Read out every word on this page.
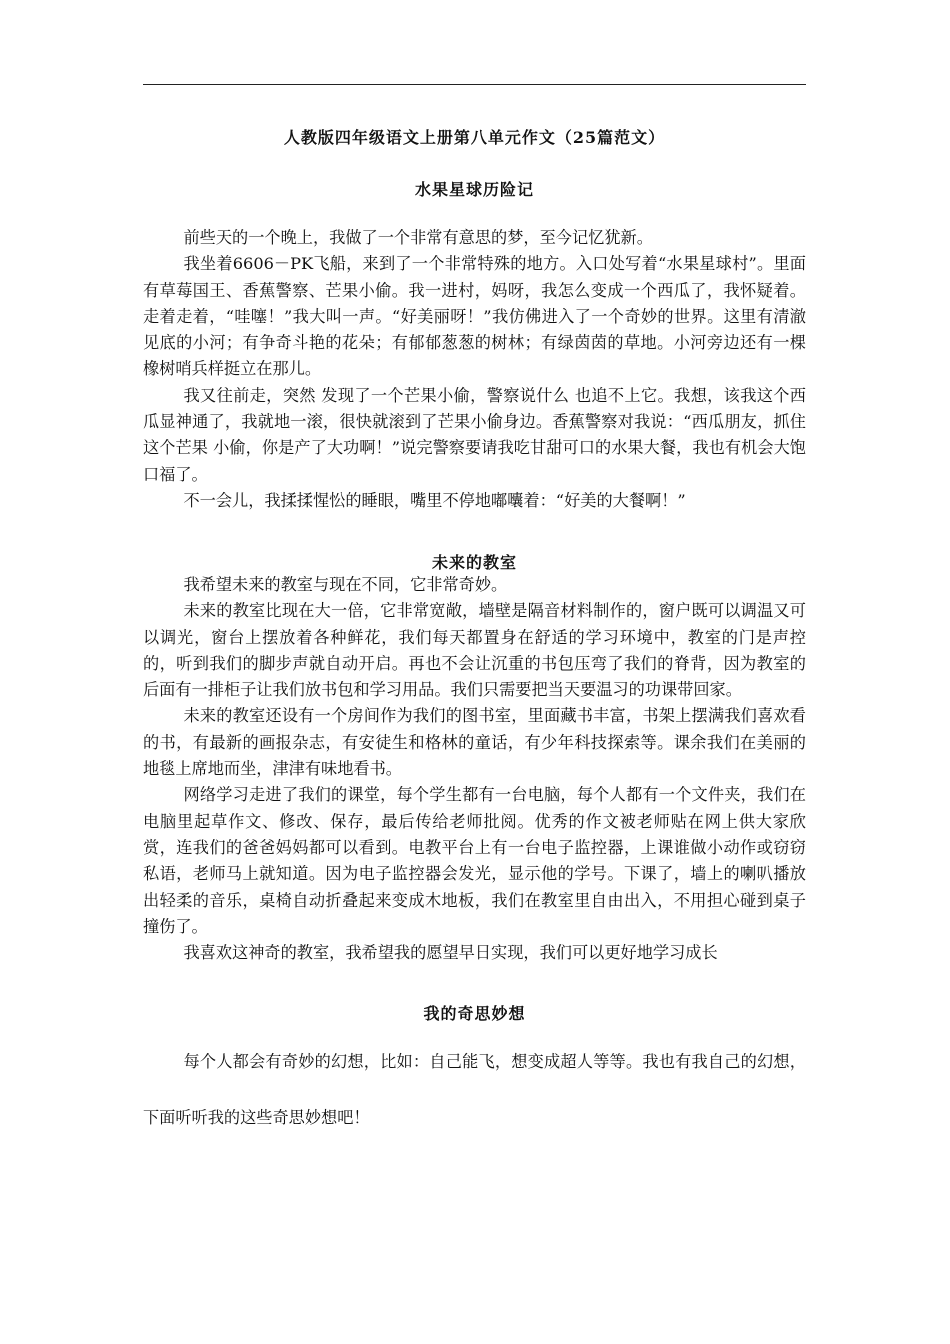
人教版四年级语文上册第八单元作文（25篇范文）
水果星球历险记

前些天的一个晚上，我做了一个非常有意思的梦，至今记忆犹新。

我坐着6606－PK飞船，来到了一个非常特殊的地方。入口处写着“水果星球村”。里面有草莓国王、香蕉警察、芒果小偷。我一进村，妈呀，我怎么变成一个西瓜了，我怀疑着。走着走着，“哇噻！”我大叫一声。“好美丽呀！”我仿佛进入了一个奇妙的世界。这里有清澈见底的小河；有争奇斗艳的花朵；有郁郁葱葱的树林；有绿茵茵的草地。小河旁边还有一棵橡树哨兵样挺立在那儿。

我又往前走，突然 发现了一个芒果小偷，警察说什么 也追不上它。我想，该我这个西瓜显神通了，我就地一滚，很快就滚到了芒果小偷身边。香蕉警察对我说：“西瓜朋友，抓住这个芒果 小偷，你是产了大功啊！”说完警察要请我吃甘甜可口的水果大餐，我也有机会大饱口福了。

不一会儿，我揉揉惺忪的睡眼，嘴里不停地嘟囔着：“好美的大餐啊！”

未来的教室

我希望未来的教室与现在不同，它非常奇妙。

未来的教室比现在大一倍，它非常宽敞，墙壁是隔音材料制作的，窗户既可以调温又可以调光，窗台上摆放着各种鲜花，我们每天都置身在舒适的学习环境中，教室的门是声控的，听到我们的脚步声就自动开启。再也不会让沉重的书包压弯了我们的脊背，因为教室的后面有一排柜子让我们放书包和学习用品。我们只需要把当天要温习的功课带回家。

未来的教室还设有一个房间作为我们的图书室，里面藏书丰富，书架上摆满我们喜欢看的书，有最新的画报杂志，有安徒生和格林的童话，有少年科技探索等。课余我们在美丽的地毯上席地而坐，津津有味地看书。

网络学习走进了我们的课堂，每个学生都有一台电脑，每个人都有一个文件夹，我们在电脑里起草作文、修改、保存，最后传给老师批阅。优秀的作文被老师贴在网上供大家欣赏，连我们的爸爸妈妈都可以看到。电教平台上有一台电子监控器，上课谁做小动作或窃窃私语，老师马上就知道。因为电子监控器会发光，显示他的学号。下课了，墙上的喇叭播放出轻柔的音乐，桌椅自动折叠起来变成木地板，我们在教室里自由出入，不用担心碰到桌子撞伤了。

我喜欢这神奇的教室，我希望我的愿望早日实现，我们可以更好地学习成长

我的奇思妙想

每个人都会有奇妙的幻想，比如：自己能飞，想变成超人等等。我也有我自己的幻想，下面听听我的这些奇思妙想吧！
